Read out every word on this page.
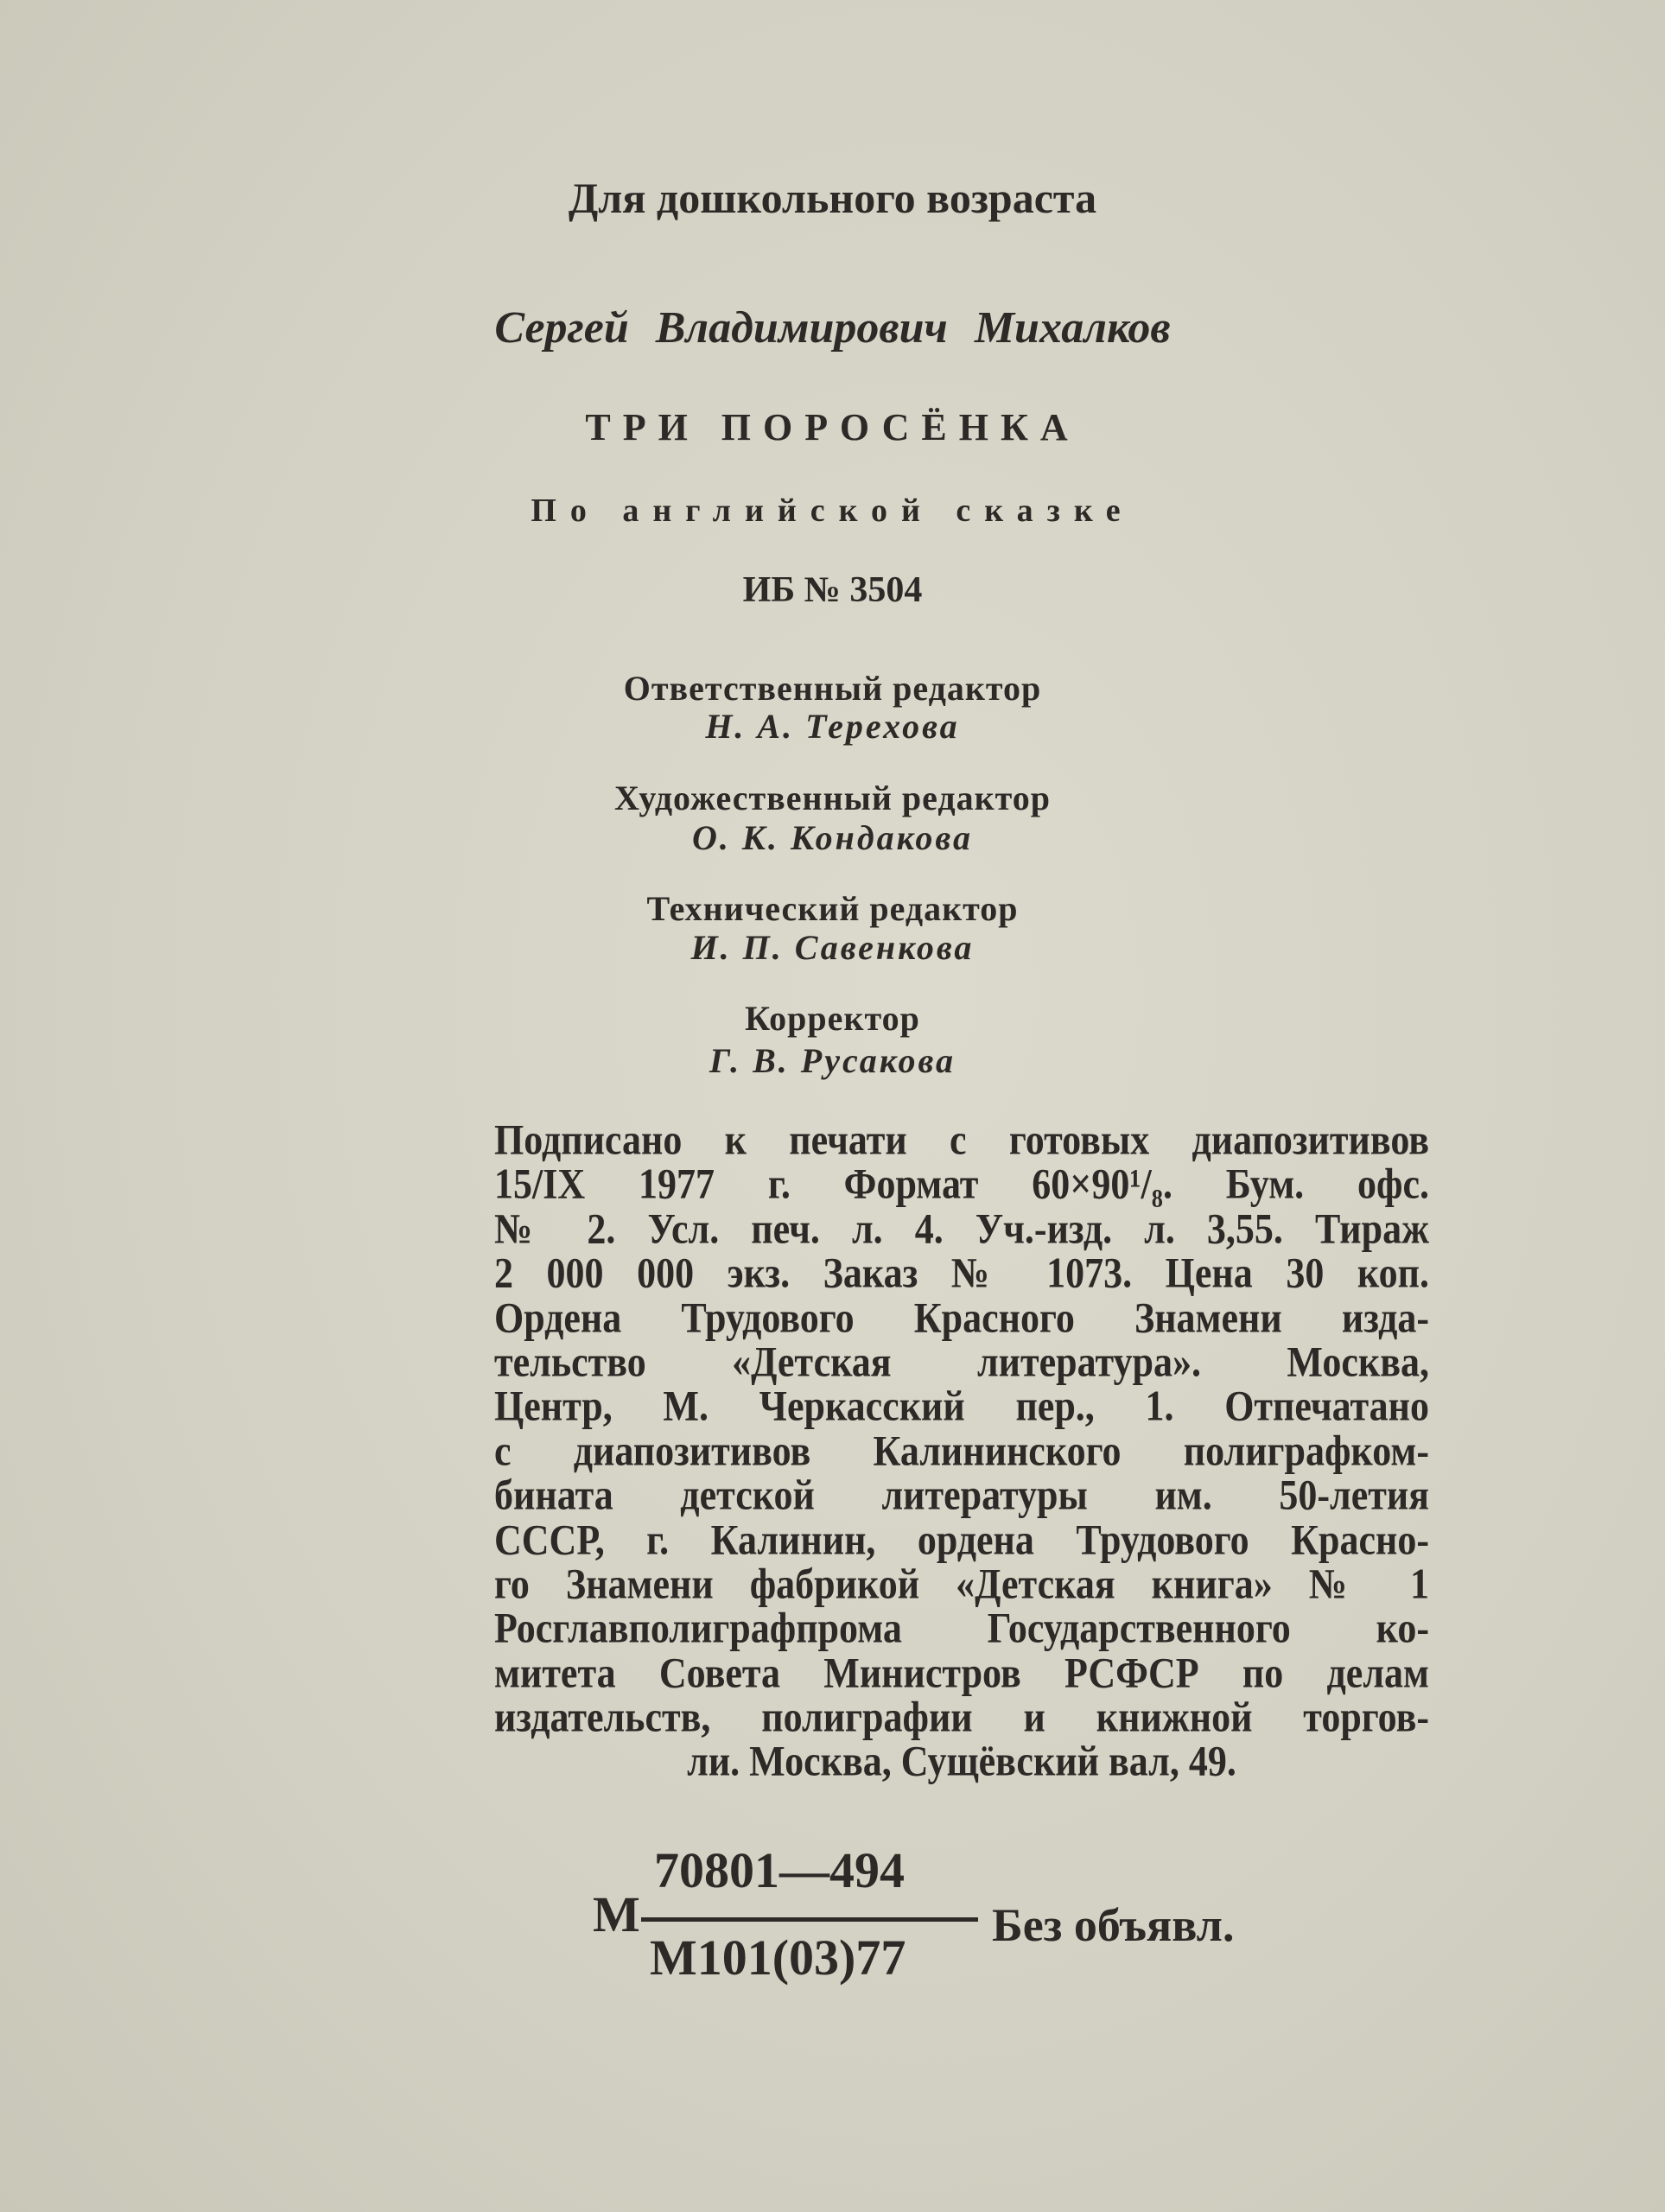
Для дошкольного возраста
Сергей Владимирович Михалков
ТРИ ПОРОСЁНКА
По английской сказке
ИБ № 3504
Ответственный редактор
Н. А. Терехова
Художественный редактор
О. К. Кондакова
Технический редактор
И. П. Савенкова
Корректор
Г. В. Русакова
Подписано к печати с готовых диапозитивов
15/IX 1977 г. Формат 60×90¹/₈. Бум. офс.
№ 2. Усл. печ. л. 4. Уч.-изд. л. 3,55. Тираж
2 000 000 экз. Заказ № 1073. Цена 30 коп.
Ордена Трудового Красного Знамени изда-
тельство «Детская литература». Москва,
Центр, М. Черкасский пер., 1. Отпечатано
с диапозитивов Калининского полиграфком-
бината детской литературы им. 50-летия
СССР, г. Калинин, ордена Трудового Красно-
го Знамени фабрикой «Детская книга» № 1
Росглавполиграфпрома Государственного ко-
митета Совета Министров РСФСР по делам
издательств, полиграфии и книжной торгов-
ли. Москва, Сущёвский вал, 49.
М
70801—494
М101(03)77
Без объявл.
